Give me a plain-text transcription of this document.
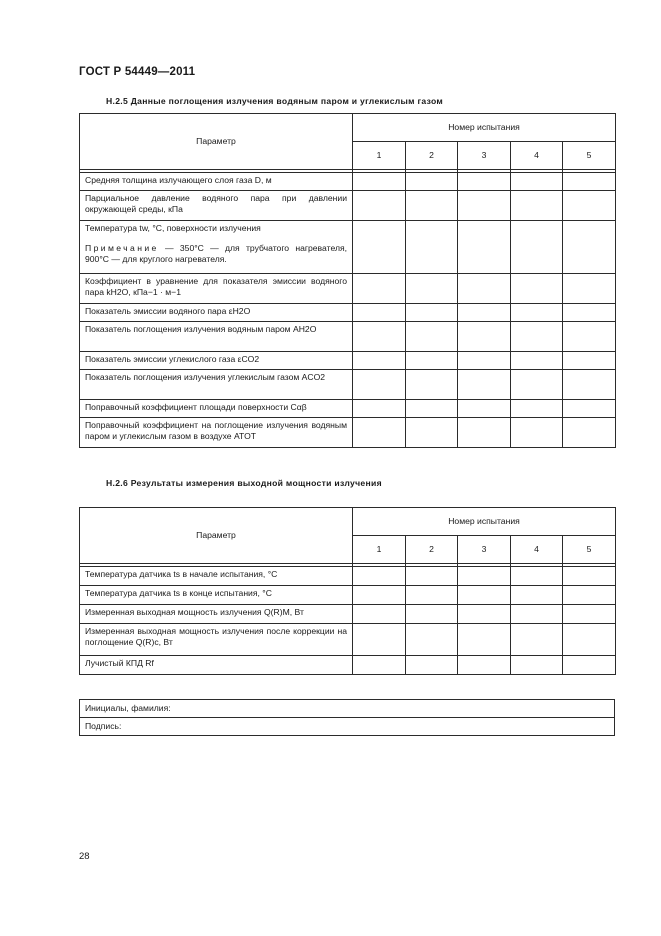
ГОСТ Р 54449—2011
Н.2.5 Данные поглощения излучения водяным паром и углекислым газом
Параметр	Номер испытания				
	1	2	3	4	5

Средняя толщина излучающего слоя газа D, м					
Парциальное давление водяного пара при давлении окружающей среды, кПа					

Температура tw, °C, поверхности излучения
Примечание — 350°C — для трубчатого нагревателя, 900°C — для круглого нагревателя.					

Коэффициент в уравнение для показателя эмиссии водяного пара kH2O, кПа−1 · м−1					
Показатель эмиссии водяного пара εH2O					
Показатель поглощения излучения водяным паром AH2O					
Показатель эмиссии углекислого газа εCO2					
Показатель поглощения излучения углекислым газом ACO2					
Поправочный коэффициент площади поверхности Cαβ					
Поправочный коэффициент на поглощение излучения водяным паром и углекислым газом в воздухе ATOT					
Н.2.6 Результаты измерения выходной мощности излучения
Параметр	Номер испытания				
	1	2	3	4	5

Температура датчика ts в начале испытания, °C					
Температура датчика ts в конце испытания, °C					
Измеренная выходная мощность излучения Q(R)M, Вт					
Измеренная выходная мощность излучения после коррекции на поглощение Q(R)c, Вт					
Лучистый КПД Rf					
Инициалы, фамилия:
Подпись:
28
